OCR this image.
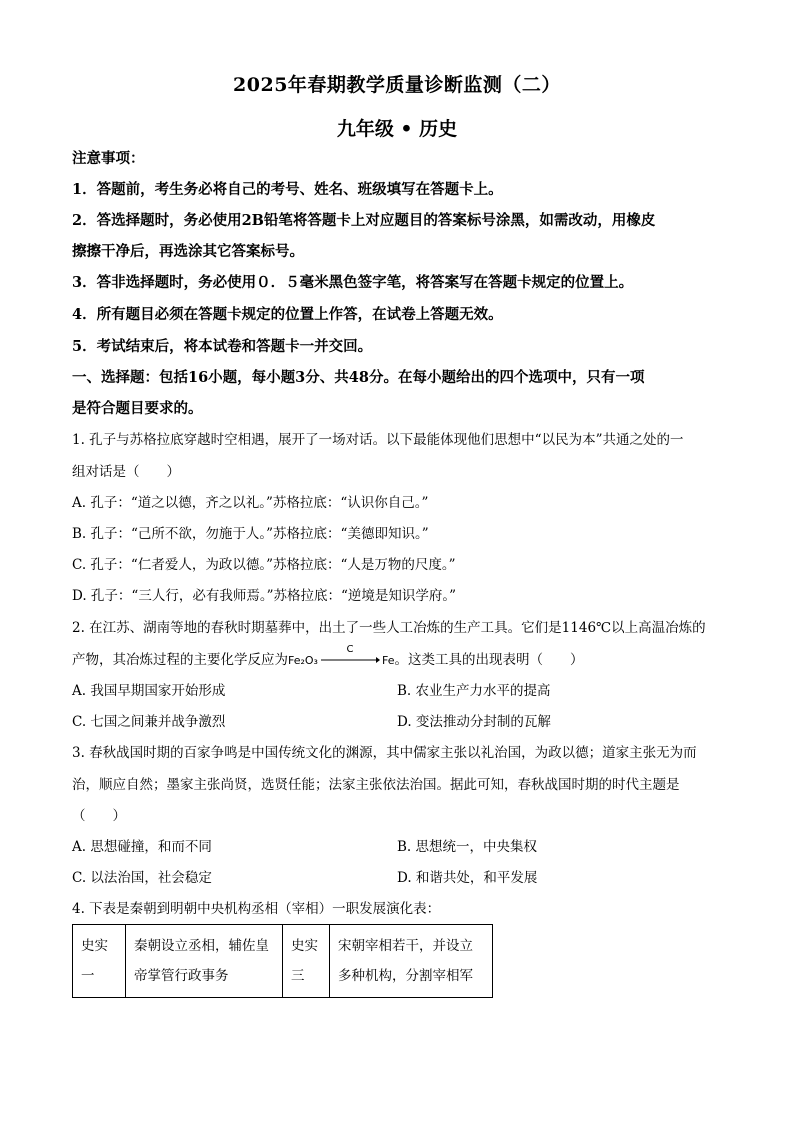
2025年春期教学质量诊断监测（二）
九年级 • 历史
注意事项：
1．答题前，考生务必将自己的考号、姓名、班级填写在答题卡上。
2．答选择题时，务必使用2B铅笔将答题卡上对应题目的答案标号涂黑，如需改动，用橡皮
擦擦干净后，再选涂其它答案标号。
3．答非选择题时，务必使用０．５毫米黑色签字笔，将答案写在答题卡规定的位置上。
4．所有题目必须在答题卡规定的位置上作答，在试卷上答题无效。
5．考试结束后，将本试卷和答题卡一并交回。
一、选择题：包括16小题，每小题3分、共48分。在每小题给出的四个选项中，只有一项
是符合题目要求的。
1. 孔子与苏格拉底穿越时空相遇，展开了一场对话。以下最能体现他们思想中“以民为本”共通之处的一
组对话是（　　）
A. 孔子：“道之以德，齐之以礼。”苏格拉底：“认识你自己。”
B. 孔子：“己所不欲，勿施于人。”苏格拉底：“美德即知识。”
C. 孔子：“仁者爱人，为政以德。”苏格拉底：“人是万物的尺度。”
D. 孔子：“三人行，必有我师焉。”苏格拉底：“逆境是知识学府。”
2. 在江苏、湖南等地的春秋时期墓葬中，出土了一些人工冶炼的生产工具。它们是1146℃以上高温冶炼的
产物，其冶炼过程的主要化学反应为Fe₂O₃
C
Fe。这类工具的出现表明（　　）
A. 我国早期国家开始形成	B. 农业生产力水平的提高
C. 七国之间兼并战争激烈	D. 变法推动分封制的瓦解
3. 春秋战国时期的百家争鸣是中国传统文化的渊源，其中儒家主张以礼治国，为政以德；道家主张无为而
治，顺应自然；墨家主张尚贤，选贤任能；法家主张依法治国。据此可知，春秋战国时期的时代主题是
（　　）
A. 思想碰撞，和而不同	B. 思想统一，中央集权
C. 以法治国，社会稳定	D. 和谐共处，和平发展
4. 下表是秦朝到明朝中央机构丞相（宰相）一职发展演化表：
史实一	秦朝设立丞相，辅佐皇帝掌管行政事务	史实三	宋朝宰相若干，并设立多种机构，分割宰相军
